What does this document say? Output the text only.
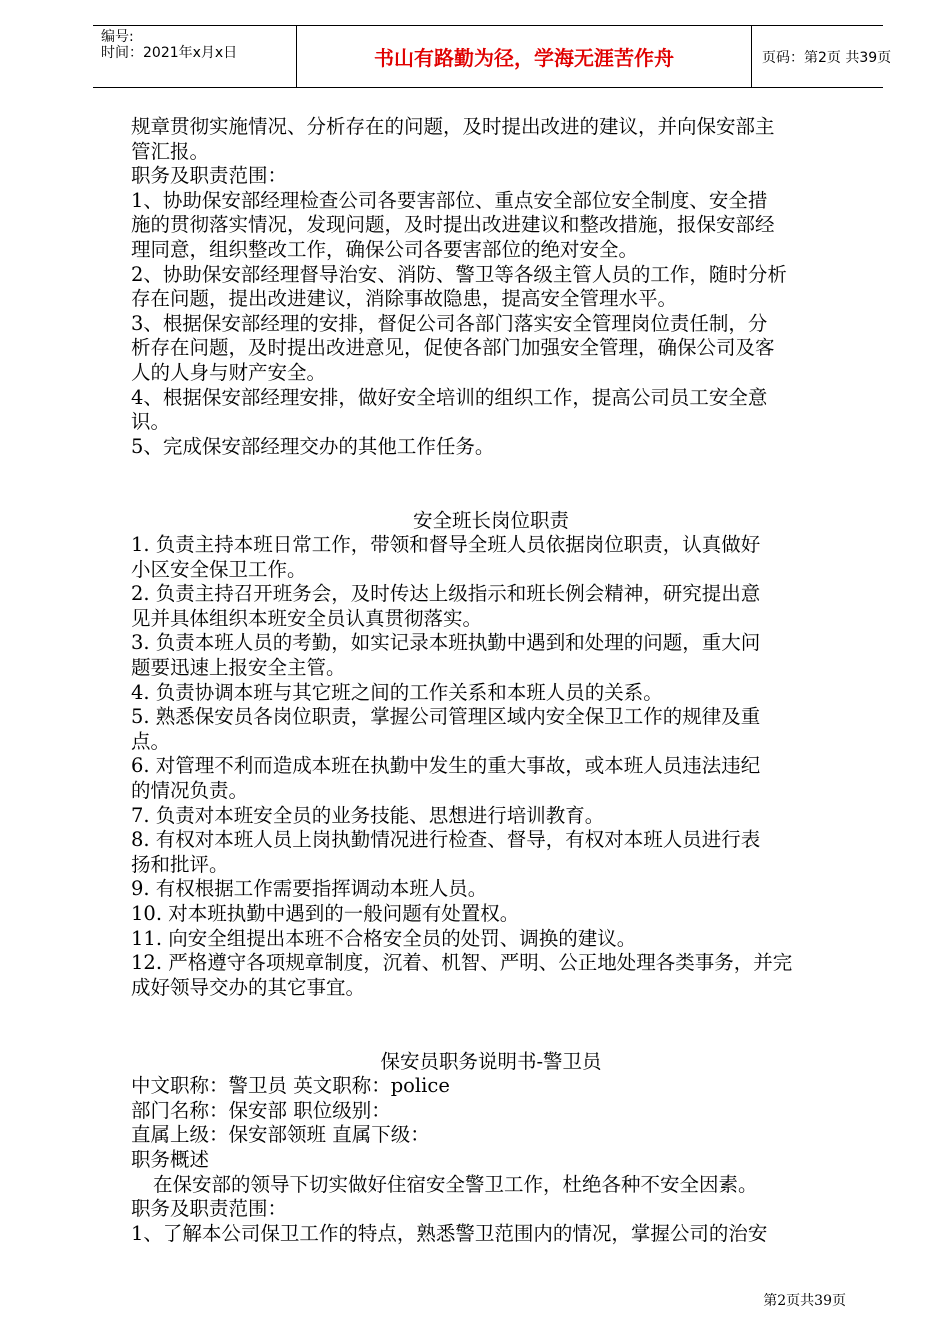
编号:
时间：2021年x月x日	书山有路勤为径，学海无涯苦作舟	页码：第2页 共39页
规章贯彻实施情况、分析存在的问题，及时提出改进的建议，并向保安部主
管汇报。
职务及职责范围：
1、协助保安部经理检查公司各要害部位、重点安全部位安全制度、安全措
施的贯彻落实情况，发现问题，及时提出改进建议和整改措施，报保安部经
理同意，组织整改工作，确保公司各要害部位的绝对安全。
2、协助保安部经理督导治安、消防、警卫等各级主管人员的工作，随时分析
存在问题，提出改进建议，消除事故隐患，提高安全管理水平。
3、根据保安部经理的安排，督促公司各部门落实安全管理岗位责任制，分
析存在问题，及时提出改进意见，促使各部门加强安全管理，确保公司及客
人的人身与财产安全。
4、根据保安部经理安排，做好安全培训的组织工作，提高公司员工安全意
识。
5、完成保安部经理交办的其他工作任务。
安全班长岗位职责
1. 负责主持本班日常工作，带领和督导全班人员依据岗位职责，认真做好
小区安全保卫工作。
2. 负责主持召开班务会，及时传达上级指示和班长例会精神，研究提出意
见并具体组织本班安全员认真贯彻落实。
3. 负责本班人员的考勤，如实记录本班执勤中遇到和处理的问题，重大问
题要迅速上报安全主管。
4. 负责协调本班与其它班之间的工作关系和本班人员的关系。
5. 熟悉保安员各岗位职责，掌握公司管理区域内安全保卫工作的规律及重
点。
6. 对管理不利而造成本班在执勤中发生的重大事故，或本班人员违法违纪
的情况负责。
7. 负责对本班安全员的业务技能、思想进行培训教育。
8. 有权对本班人员上岗执勤情况进行检查、督导，有权对本班人员进行表
扬和批评。
9. 有权根据工作需要指挥调动本班人员。
10. 对本班执勤中遇到的一般问题有处置权。
11. 向安全组提出本班不合格安全员的处罚、调换的建议。
12. 严格遵守各项规章制度，沉着、机智、严明、公正地处理各类事务，并完
成好领导交办的其它事宜。
保安员职务说明书-警卫员
中文职称：警卫员 英文职称：police
部门名称：保安部 职位级别：
直属上级：保安部领班 直属下级：
职务概述
在保安部的领导下切实做好住宿安全警卫工作，杜绝各种不安全因素。
职务及职责范围：
1、了解本公司保卫工作的特点，熟悉警卫范围内的情况，掌握公司的治安
第2页共39页
